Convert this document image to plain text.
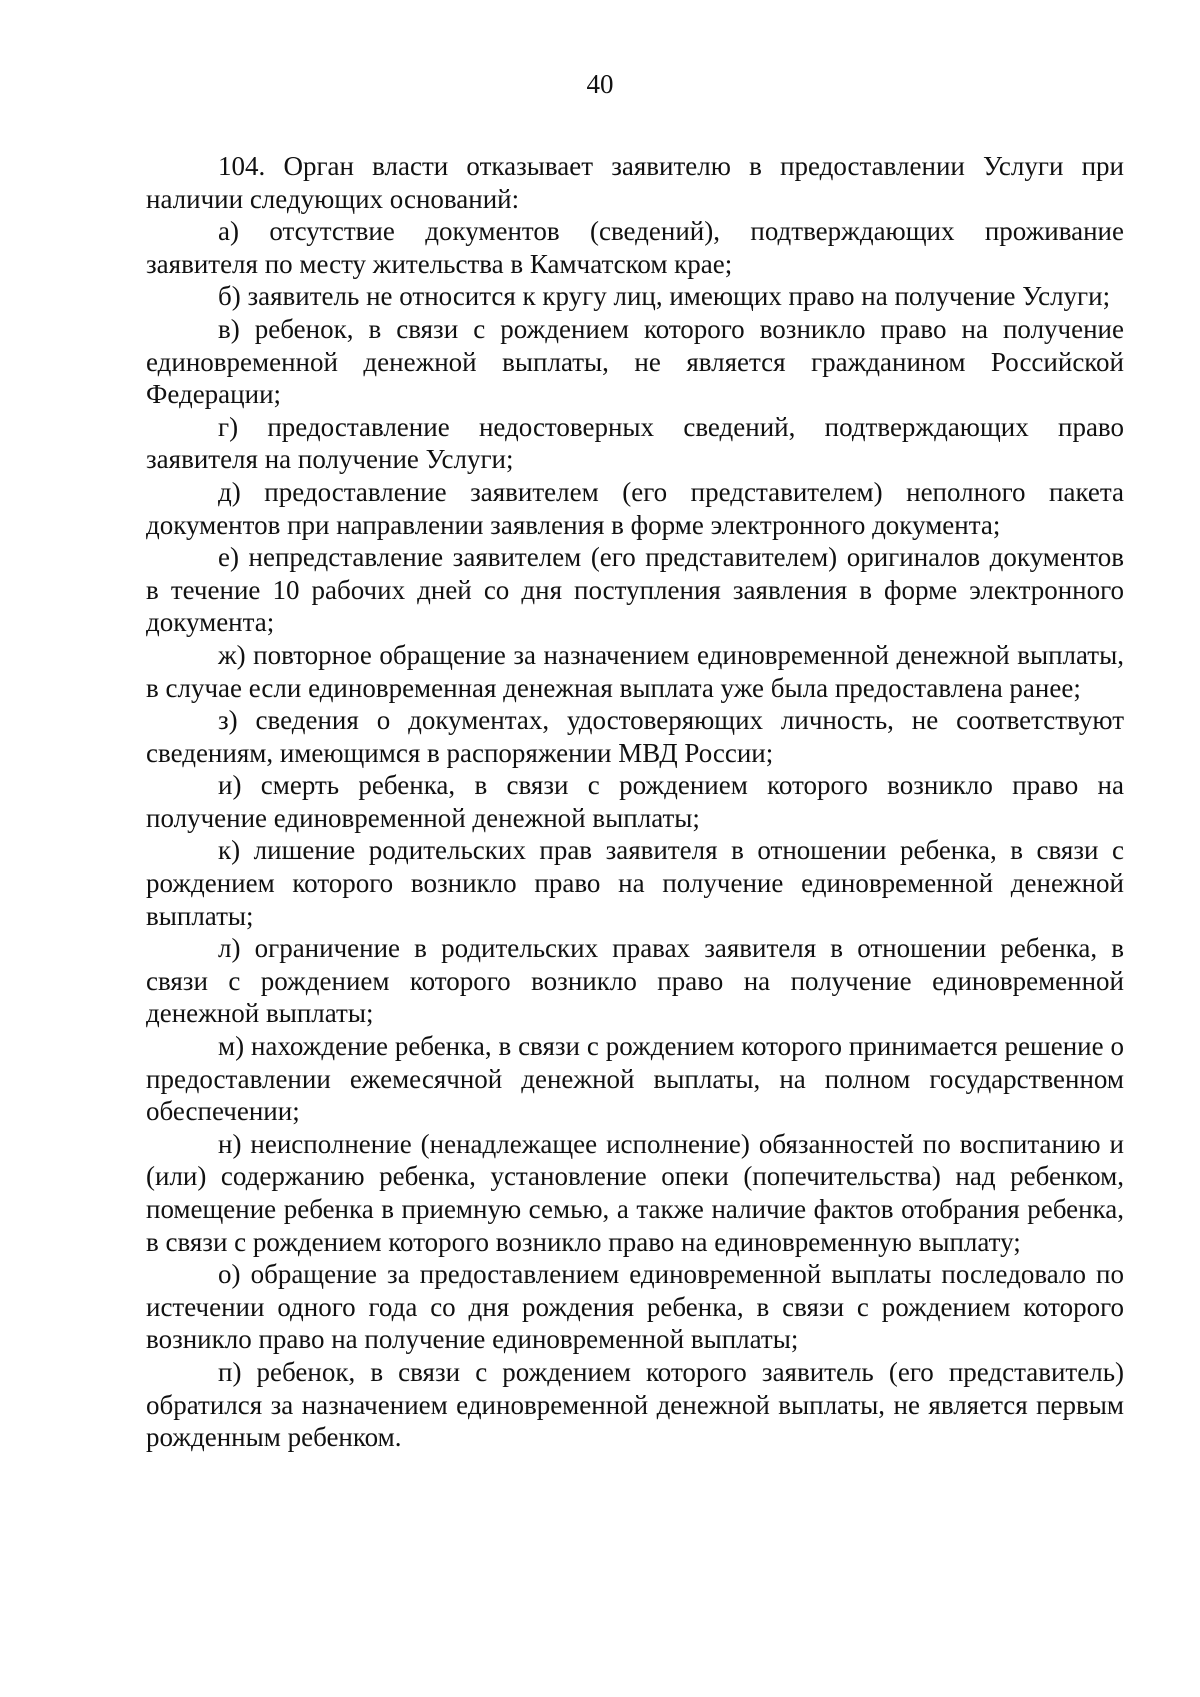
40

104. Орган власти отказывает заявителю в предоставлении Услуги при наличии следующих оснований:

а) отсутствие документов (сведений), подтверждающих проживание заявителя по месту жительства в Камчатском крае;

б) заявитель не относится к кругу лиц, имеющих право на получение Услуги;

в) ребенок, в связи с рождением которого возникло право на получение единовременной денежной выплаты, не является гражданином Российской Федерации;

г) предоставление недостоверных сведений, подтверждающих право заявителя на получение Услуги;

д) предоставление заявителем (его представителем) неполного пакета документов при направлении заявления в форме электронного документа;

е) непредставление заявителем (его представителем) оригиналов документов в течение 10 рабочих дней со дня поступления заявления в форме электронного документа;

ж) повторное обращение за назначением единовременной денежной выплаты, в случае если единовременная денежная выплата уже была предоставлена ранее;

з) сведения о документах, удостоверяющих личность, не соответствуют сведениям, имеющимся в распоряжении МВД России;

и) смерть ребенка, в связи с рождением которого возникло право на получение единовременной денежной выплаты;

к) лишение родительских прав заявителя в отношении ребенка, в связи с рождением которого возникло право на получение единовременной денежной выплаты;

л) ограничение в родительских правах заявителя в отношении ребенка, в связи с рождением которого возникло право на получение единовременной денежной выплаты;

м) нахождение ребенка, в связи с рождением которого принимается решение о предоставлении ежемесячной денежной выплаты, на полном государственном обеспечении;

н) неисполнение (ненадлежащее исполнение) обязанностей по воспитанию и (или) содержанию ребенка, установление опеки (попечительства) над ребенком, помещение ребенка в приемную семью, а также наличие фактов отобрания ребенка, в связи с рождением которого возникло право на единовременную выплату;

о) обращение за предоставлением единовременной выплаты последовало по истечении одного года со дня рождения ребенка, в связи с рождением которого возникло право на получение единовременной выплаты;

п) ребенок, в связи с рождением которого заявитель (его представитель) обратился за назначением единовременной денежной выплаты, не является первым рожденным ребенком.
